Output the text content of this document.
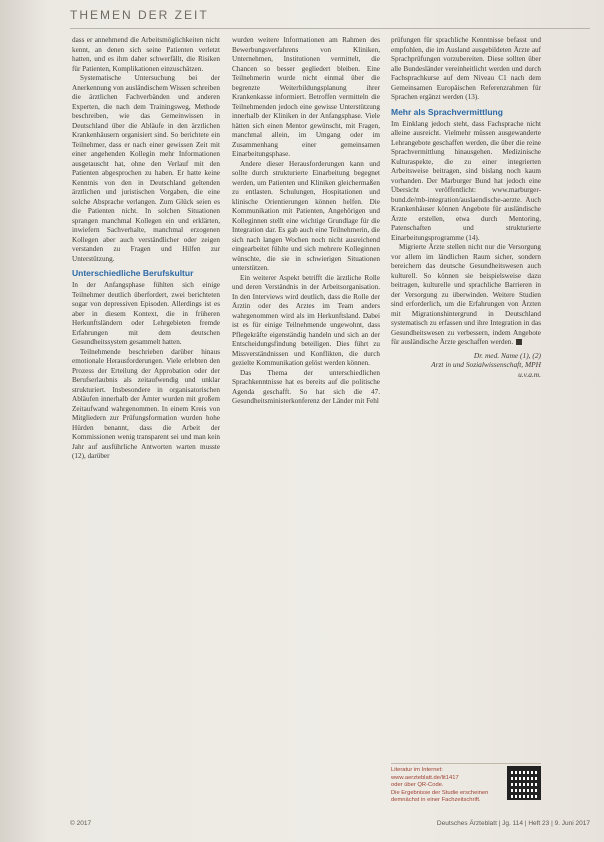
THEMEN DER ZEIT

dass er annehmend die Arbeitsmöglichkeiten nicht kennt, an denen sich seine Patienten verletzt hatten, und es ihm daher schwerfällt, die Risiken für Patienten, Komplikationen einzuschätzen.

Systematische Untersuchung bei der Anerkennung von ausländischem Wissen schreiben die ärztlichen Fachverbänden und anderen Experten, die nach dem Trainingsweg, Methode beschreiben, wie das Gemeinwissen in Deutschland über die Abläufe in den ärztlichen Krankenhäusern organisiert sind. So berichtete ein Teilnehmer, dass er nach einer gewissen Zeit mit einer angehenden Kollegin mehr Informationen ausgetauscht hat, ohne den Verlauf mit den Patienten abgesprochen zu haben. Er hatte keine Kenntnis von den in Deutschland geltenden ärztlichen und juristischen Vorgaben, die eine solche Absprache verlangen. Zum Glück seien es die Patienten nicht. In solchen Situationen sprangen manchmal Kollegen ein und erklärten, inwiefern Sachverhalte, manchmal erzogenen Kollegen aber auch verständlicher oder zeigen verstanden zu Fragen und Hilfen zur Unterstützung.

Unterschiedliche Berufskultur

In der Anfangsphase fühlten sich einige Teilnehmer deutlich überfordert, zwei berichteten sogar von depressiven Episoden. Allerdings ist es aber in diesem Kontext, die in früheren Herkunftsländern oder Lehrgebieten fremde Erfahrungen mit dem deutschen Gesundheitssystem gesammelt hatten.

Teilnehmende beschrieben darüber hinaus emotionale Herausforderungen. Viele erlebten den Prozess der Erteilung der Approbation oder der Berufserlaubnis als zeitaufwendig und unklar strukturiert. Insbesondere in organisatorischen Abläufen innerhalb der Ämter wurden mit großem Zeitaufwand wahrgenommen. In einem Kreis von Mitgliedern zur Prüfungsformation wurden hohe Hürden benannt, dass die Arbeit der Kommissionen wenig transparent sei und man kein Jahr auf ausführliche Antworten warten musste (12), darüber

wurden weitere Informationen am Rahmen des Bewerbungsverfahrens von Kliniken, Unternehmen, Institutionen vermittelt, die Chancen so besser gegliedert bleiben. Eine Teilnehmerin wurde nicht einmal über die begrenzte Weiterbildungsplanung ihrer Krankenkasse informiert. Betroffen vermitteln die Teilnehmenden jedoch eine gewisse Unterstützung innerhalb der Kliniken in der Anfangsphase. Viele hätten sich einen Mentor gewünscht, mit Fragen, manchmal allein, im Umgang oder im Zusammenhang einer gemeinsamen Einarbeitungsphase.

Andere dieser Herausforderungen kann und sollte durch strukturierte Einarbeitung begegnet werden, um Patienten und Kliniken gleichermaßen zu entlasten. Schulungen, Hospitationen und klinische Orientierungen können helfen. Die Kommunikation mit Patienten, Angehörigen und Kolleginnen stellt eine wichtige Grundlage für die Integration dar. Es gab auch eine Teilnehmerin, die sich nach langen Wochen noch nicht ausreichend eingearbeitet fühlte und sich mehrere Kolleginnen wünschte, die sie in schwierigen Situationen unterstützen.

Ein weiterer Aspekt betrifft die ärztliche Rolle und deren Verständnis in der Arbeitsorganisation. In den Interviews wird deutlich, dass die Rolle der Ärztin oder des Arztes im Team anders wahrgenommen wird als im Herkunftsland. Dabei ist es für einige Teilnehmende ungewohnt, dass Pflegekräfte eigenständig handeln und sich an der Entscheidungsfindung beteiligen. Dies führt zu Missverständnissen und Konflikten, die durch gezielte Kommunikation gelöst werden können.

Das Thema der unterschiedlichen Sprachkenntnisse hat es bereits auf die politische Agenda geschafft. So hat sich die 47. Gesundheitsministerkonferenz der Länder mit Fehl

prüfungen für sprachliche Kenntnisse befasst und empfohlen, die im Ausland ausgebildeten Ärzte auf Sprachprüfungen vorzubereiten. Diese sollten über alle Bundesländer vereinheitlicht werden und durch Fachsprachkurse auf dem Niveau C1 nach dem Gemeinsamen Europäischen Referenzrahmen für Sprachen ergänzt werden (13).

Mehr als Sprachvermittlung

Im Einklang jedoch steht, dass Fachsprache nicht alleine ausreicht. Vielmehr müssen ausgewanderte Lehrangebote geschaffen werden, die über die reine Sprachvermittlung hinausgehen. Medizinische Kulturaspekte, die zu einer integrierten Arbeitsweise beitragen, sind bislang noch kaum vorhanden. Der Marburger Bund hat jedoch eine Übersicht veröffentlicht: www.marburger-bund.de/mb-integration/auslaendische-aerzte. Auch Krankenhäuser können Angebote für ausländische Ärzte erstellen, etwa durch Mentoring, Patenschaften und strukturierte Einarbeitungsprogramme (14).

Migrierte Ärzte stellen nicht nur die Versorgung vor allem im ländlichen Raum sicher, sondern bereichern das deutsche Gesundheitswesen auch kulturell. So können sie beispielsweise dazu beitragen, kulturelle und sprachliche Barrieren in der Versorgung zu überwinden. Weitere Studien sind erforderlich, um die Erfahrungen von Ärzten mit Migrationshintergrund in Deutschland systematisch zu erfassen und ihre Integration in das Gesundheitswesen zu verbessern, indem Angebote für ausländische Ärzte geschaffen werden.

Dr. med. Name (1), (2)
Arzt in und Sozialwissenschaft, MPH
u.v.a.m.
Literatur im Internet:
www.aerzteblatt.de/lit1417
oder über QR-Code.
Die Ergebnisse der Studie erscheinen demnächst in einer Fachzeitschrift.
© 2017	Deutsches Ärzteblatt | Jg. 114 | Heft 23 | 9. Juni 2017
